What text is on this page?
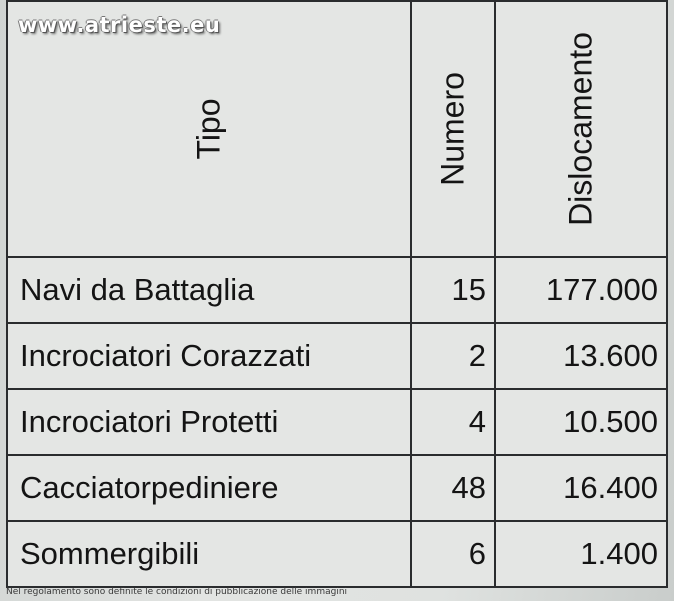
www.atrieste.eu
Tipo	Numero	Dislocamento

Navi da Battaglia	15	177.000
Incrociatori Corazzati	2	13.600
Incrociatori Protetti	4	10.500
Cacciatorpediniere	48	16.400
Sommergibili	6	1.400
Nel regolamento sono definite le condizioni di pubblicazione delle immagini
